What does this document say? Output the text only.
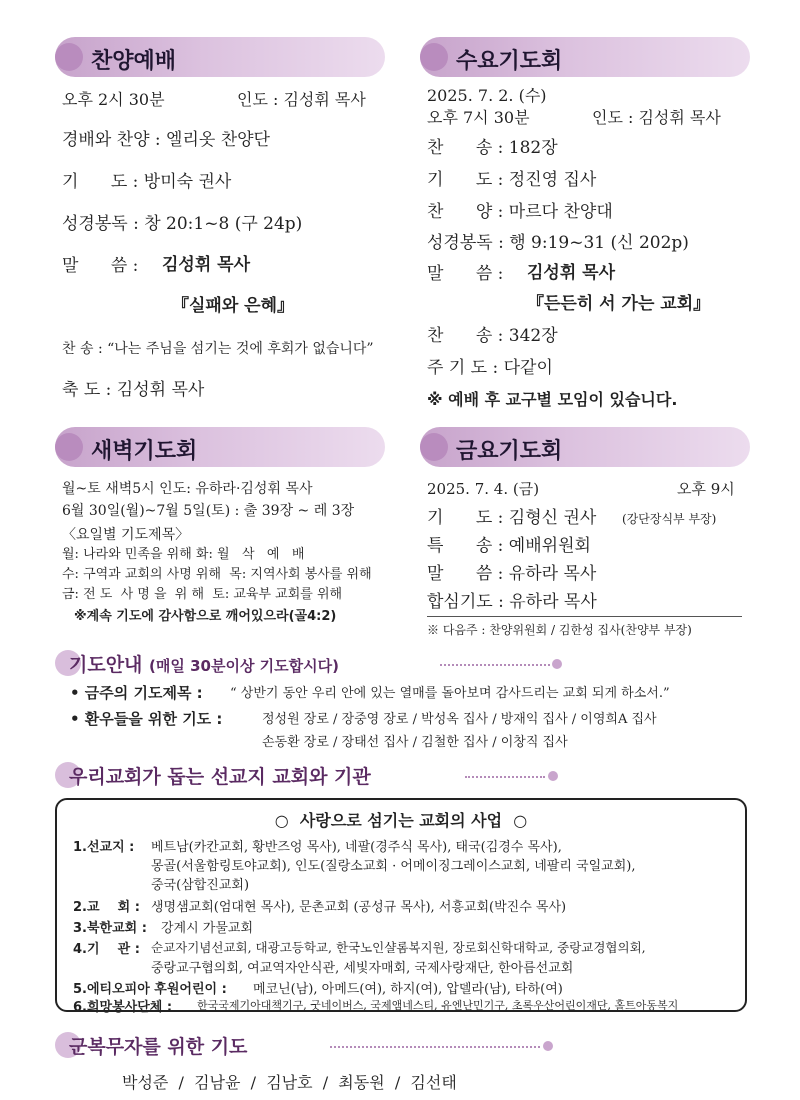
찬양예배
오후 2시 30분	인도 : 김성휘 목사
경배와 찬양 : 엘리옷 찬양단
기      도 : 방미숙 권사
성경봉독 : 창 20:1~8 (구 24p)
말      씀 : 김성휘 목사
『실패와 은혜』
찬 송 : “나는 주님을 섬기는 것에 후회가 없습니다”
축 도 : 김성휘 목사
수요기도회
2025. 7. 2. (수)
오후 7시 30분	인도 : 김성휘 목사
찬      송 : 182장
기      도 : 정진영 집사
찬      양 : 마르다 찬양대
성경봉독 : 행 9:19~31 (신 202p)
말      씀 : 김성휘 목사
『든든히 서 가는 교회』
찬      송 : 342장
주 기 도 : 다같이
※ 예배 후 교구별 모임이 있습니다.
새벽기도회
월~토 새벽5시 인도: 유하라·김성휘 목사
6월 30일(월)~7월 5일(토) : 출 39장 ~ 레 3장
〈요일별 기도제목〉
월: 나라와 민족을 위해 화: 월   삭   예   배
수: 구역과 교회의 사명 위해  목: 지역사회 봉사를 위해
금: 전 도  사 명 을  위 해  토: 교육부 교회를 위해
※계속 기도에 감사함으로 깨어있으라(골4:2)
금요기도회
2025. 7. 4. (금)	오후 9시
기      도 : 김형신 권사 (강단장식부 부장)
특      송 : 예배위원회
말      씀 : 유하라 목사
합심기도 : 유하라 목사
※ 다음주 : 찬양위원회 / 김한성 집사(찬양부 부장)
기도안내 (매일 30분이상 기도합시다)
• 금주의 기도제목 : “ 상반기 동안 우리 안에 있는 열매를 돌아보며 감사드리는 교회 되게 하소서.”
• 환우들을 위한 기도 :	정성원 장로 / 장중영 장로 / 박성옥 집사 / 방재익 집사 / 이영희A 집사
손동환 장로 / 장태선 집사 / 김철한 집사 / 이창직 집사
우리교회가 돕는 선교지 교회와 기관
○  사랑으로 섬기는 교회의 사업  ○
1.선교지 : 베트남(카칸교회, 황반즈엉 목사), 네팔(경주식 목사), 태국(김경수 목사),
몽골(서울함링토야교회), 인도(질랑소교회 · 어메이징그레이스교회, 네팔리 국일교회),
중국(삼합진교회)
2.교    회 : 생명샘교회(엄대현 목사), 문촌교회 (공성규 목사), 서흥교회(박진수 목사)
3.북한교회 : 강계시 가물교회
4.기    관 : 순교자기념선교회, 대광고등학교, 한국노인샬롬복지원, 장로회신학대학교, 중랑교경협의회,
중랑교구협의회, 여교역자안식관, 세빛자매회, 국제사랑재단, 한아름선교회
5.에티오피아 후원어린이 : 메코닌(남), 아메드(여), 하지(여), 압델라(남), 타하(여)
6.희망봉사단체 : 한국국제기아대책기구, 굿네이버스, 국제앰네스티, 유엔난민기구, 초록우산어린이재단, 홀트아동복지
군복무자를 위한 기도
박성준  /  김남윤  /  김남호  /  최동원  /  김선태
